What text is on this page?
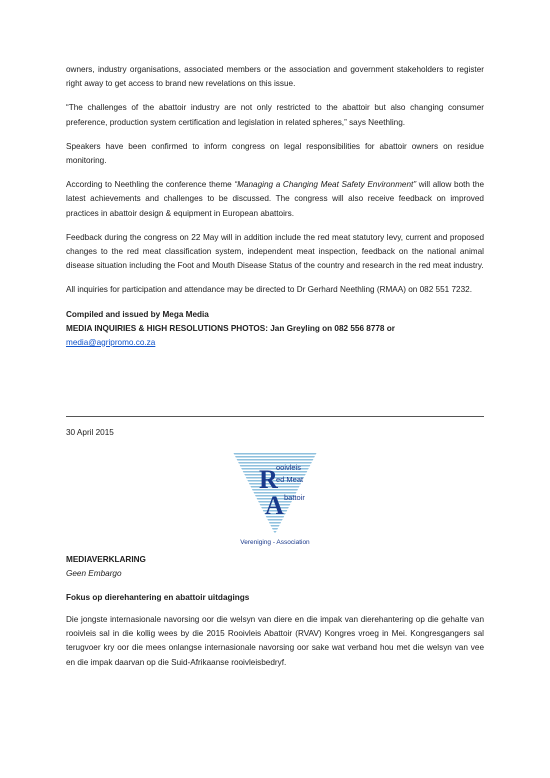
owners, industry organisations, associated members or the association and government stakeholders to register right away to get access to brand new revelations on this issue.

“The challenges of the abattoir industry are not only restricted to the abattoir but also changing consumer preference, production system certification and legislation in related spheres,” says Neethling.

Speakers have been confirmed to inform congress on legal responsibilities for abattoir owners on residue monitoring.

According to Neethling the conference theme “Managing a Changing Meat Safety Environment” will allow both the latest achievements and challenges to be discussed. The congress will also receive feedback on improved practices in abattoir design & equipment in European abattoirs.

Feedback during the congress on 22 May will in addition include the red meat statutory levy, current and proposed changes to the red meat classification system, independent meat inspection, feedback on the national animal disease situation including the Foot and Mouth Disease Status of the country and research in the red meat industry.

All inquiries for participation and attendance may be directed to Dr Gerhard Neethling (RMAA) on 082 551 7232.

Compiled and issued by Mega Media
MEDIA INQUIRIES & HIGH RESOLUTIONS PHOTOS: Jan Greyling on 082 556 8778 or
media@agripromo.co.za
30 April 2015
R
A
ooivleis
ed Meat
battoir
Vereniging - Association
MEDIAVERKLARING
Geen Embargo
Fokus op dierehantering en abattoir uitdagings

Die jongste internasionale navorsing oor die welsyn van diere en die impak van dierehantering op die gehalte van rooivleis sal in die kollig wees by die 2015 Rooivleis Abattoir (RVAV) Kongres vroeg in Mei. Kongresgangers sal terugvoer kry oor die mees onlangse internasionale navorsing oor sake wat verband hou met die welsyn van vee en die impak daarvan op die Suid-Afrikaanse rooivleisbedryf.
